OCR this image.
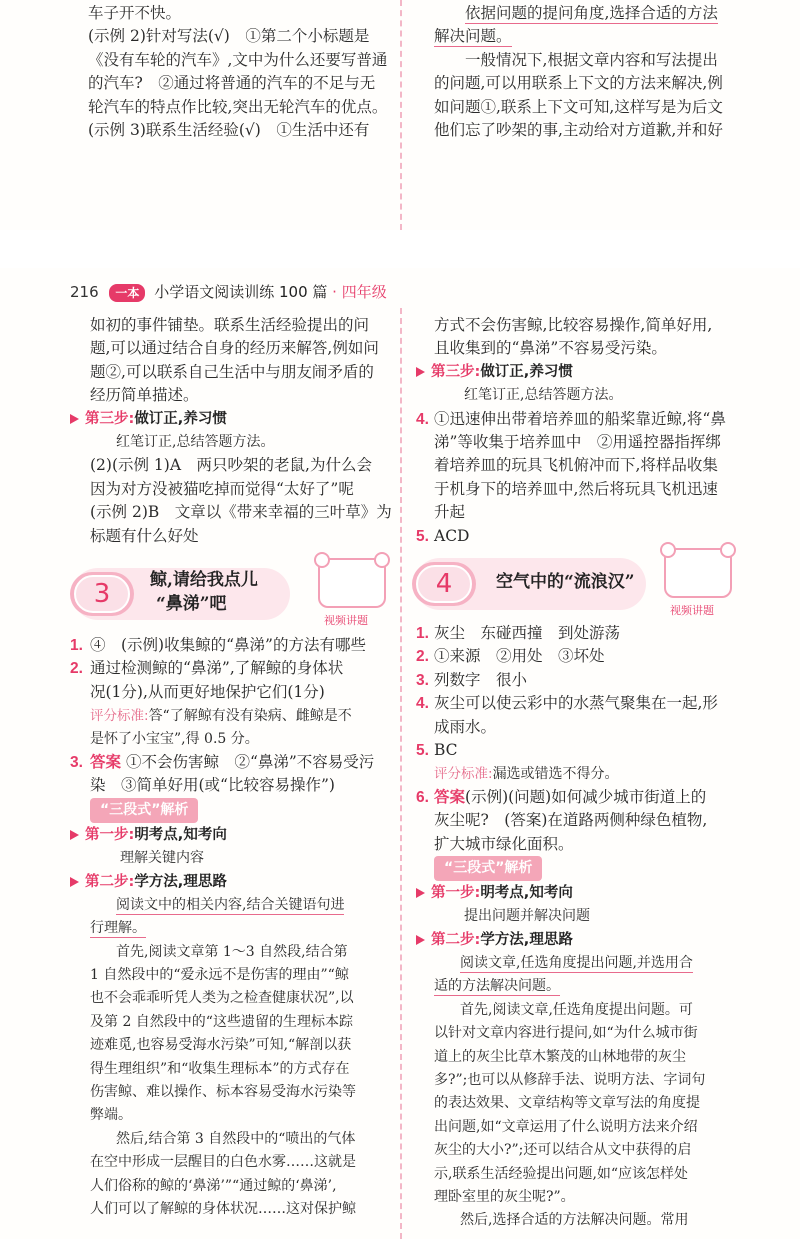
车子开不快。
(示例 2)针对写法(√)　①第二个小标题是
《没有车轮的汽车》,文中为什么还要写普通
的汽车?　②通过将普通的汽车的不足与无
轮汽车的特点作比较,突出无轮汽车的优点。
(示例 3)联系生活经验(√)　①生活中还有
依据问题的提问角度,选择合适的方法
解决问题。
一般情况下,根据文章内容和写法提出
的问题,可以用联系上下文的方法来解决,例
如问题①,联系上下文可知,这样写是为后文
他们忘了吵架的事,主动给对方道歉,并和好
216 一本 小学语文阅读训练 100 篇 · 四年级
如初的事件铺垫。联系生活经验提出的问
题,可以通过结合自身的经历来解答,例如问
题②,可以联系自己生活中与朋友闹矛盾的
经历简单描述。
第三步:做订正,养习惯
红笔订正,总结答题方法。
(2)(示例 1)A　两只吵架的老鼠,为什么会
因为对方没被猫吃掉而觉得“太好了”呢
(示例 2)B　文章以《带来幸福的三叶草》为
标题有什么好处
3	鲸,请给我点儿
“鼻涕”吧
视频讲题
1. ④　(示例)收集鲸的“鼻涕”的方法有哪些
2. 通过检测鲸的“鼻涕”,了解鲸的身体状
况(1分),从而更好地保护它们(1分)
评分标准:答“了解鲸有没有染病、雌鲸是不
是怀了小宝宝”,得 0.5 分。
3. 答案 ①不会伤害鲸　②“鼻涕”不容易受污
染　③简单好用(或“比较容易操作”)
“三段式”解析
第一步:明考点,知考向
理解关键内容
第二步:学方法,理思路
阅读文中的相关内容,结合关键语句进
行理解。
首先,阅读文章第 1～3 自然段,结合第
1 自然段中的“爱永远不是伤害的理由”“鲸
也不会乖乖听凭人类为之检查健康状况”,以
及第 2 自然段中的“这些遗留的生理标本踪
迹难觅,也容易受海水污染”可知,“解剖以获
得生理组织”和“收集生理标本”的方式存在
伤害鲸、难以操作、标本容易受海水污染等
弊端。
然后,结合第 3 自然段中的“喷出的气体
在空中形成一层醒目的白色水雾……这就是
人们俗称的鲸的‘鼻涕’”“通过鲸的‘鼻涕’,
人们可以了解鲸的身体状况……这对保护鲸
方式不会伤害鲸,比较容易操作,简单好用,
且收集到的“鼻涕”不容易受污染。
第三步:做订正,养习惯
红笔订正,总结答题方法。
4. ①迅速伸出带着培养皿的船桨靠近鲸,将“鼻
涕”等收集于培养皿中　②用遥控器指挥绑
着培养皿的玩具飞机俯冲而下,将样品收集
于机身下的培养皿中,然后将玩具飞机迅速
升起
5. ACD
4	空气中的“流浪汉”
视频讲题
1. 灰尘　东碰西撞　到处游荡
2. ①来源　②用处　③坏处
3. 列数字　很小
4. 灰尘可以使云彩中的水蒸气聚集在一起,形
成雨水。
5. BC
评分标准:漏选或错选不得分。
6. 答案(示例)(问题)如何减少城市街道上的
灰尘呢?　(答案)在道路两侧种绿色植物,
扩大城市绿化面积。
“三段式”解析
第一步:明考点,知考向
提出问题并解决问题
第二步:学方法,理思路
阅读文章,任选角度提出问题,并选用合
适的方法解决问题。
首先,阅读文章,任选角度提出问题。可
以针对文章内容进行提问,如“为什么城市街
道上的灰尘比草木繁茂的山林地带的灰尘
多?”;也可以从修辞手法、说明方法、字词句
的表达效果、文章结构等文章写法的角度提
出问题,如“文章运用了什么说明方法来介绍
灰尘的大小?”;还可以结合从文中获得的启
示,联系生活经验提出问题,如“应该怎样处
理卧室里的灰尘呢?”。
然后,选择合适的方法解决问题。常用
